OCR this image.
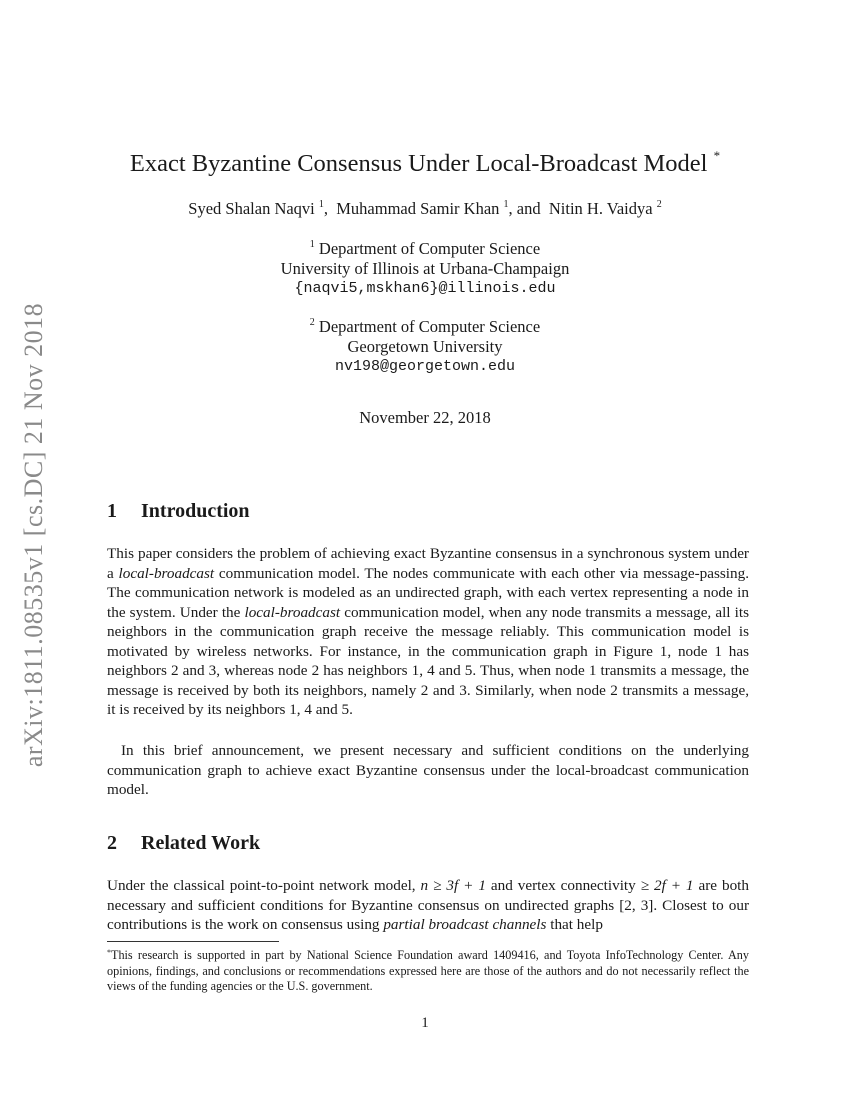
arXiv:1811.08535v1 [cs.DC] 21 Nov 2018
Exact Byzantine Consensus Under Local-Broadcast Model *
Syed Shalan Naqvi $^1$, Muhammad Samir Khan $^1$, and Nitin H. Vaidya $^2$
$^1$ Department of Computer Science
University of Illinois at Urbana-Champaign
{naqvi5,mskhan6}@illinois.edu
$^2$ Department of Computer Science
Georgetown University
nv198@georgetown.edu
November 22, 2018
1 Introduction

This paper considers the problem of achieving exact Byzantine consensus in a synchronous system under a local-broadcast communication model. The nodes communicate with each other via message-passing. The communication network is modeled as an undirected graph, with each vertex representing a node in the system. Under the local-broadcast communication model, when any node transmits a message, all its neighbors in the communication graph receive the message reliably. This communication model is motivated by wireless networks. For instance, in the communication graph in Figure 1, node 1 has neighbors 2 and 3, whereas node 2 has neighbors 1, 4 and 5. Thus, when node 1 transmits a message, the message is received by both its neighbors, namely 2 and 3. Similarly, when node 2 transmits a message, it is received by its neighbors 1, 4 and 5.

In this brief announcement, we present necessary and sufficient conditions on the underlying communication graph to achieve exact Byzantine consensus under the local-broadcast communication model.

2 Related Work

Under the classical point-to-point network model, n ≥ 3f + 1 and vertex connectivity ≥ 2f + 1 are both necessary and sufficient conditions for Byzantine consensus on undirected graphs [2, 3]. Closest to our contributions is the work on consensus using partial broadcast channels that help

*This research is supported in part by National Science Foundation award 1409416, and Toyota InfoTechnology Center. Any opinions, findings, and conclusions or recommendations expressed here are those of the authors and do not necessarily reflect the views of the funding agencies or the U.S. government.
1
